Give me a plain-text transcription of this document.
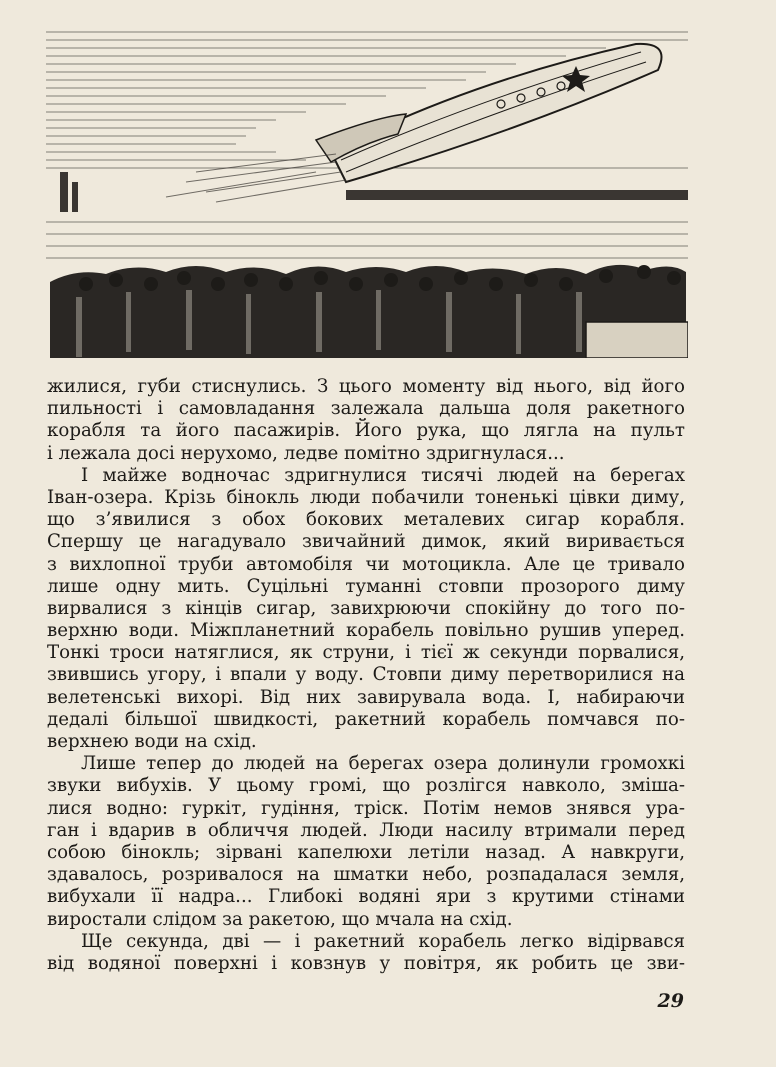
жилися, губи стиснулись. З цього моменту від нього, від його
пильності і самовладання залежала дальша доля ракетного
корабля та його пасажирів. Його рука, що лягла на пульт
і лежала досі нерухомо, ледве помітно здригнулася...
І майже водночас здригнулися тисячі людей на берегах
Іван-озера. Крізь бінокль люди побачили тоненькі цівки диму,
що з’явилися з обох бокових металевих сигар корабля.
Спершу це нагадувало звичайний димок, який виривається
з вихлопної труби автомобіля чи мотоцикла. Але це тривало
лише одну мить. Суцільні туманні стовпи прозорого диму
вирвалися з кінців сигар, завихрюючи спокійну до того по-
верхню води. Міжпланетний корабель повільно рушив уперед.
Тонкі троси натяглися, як струни, і тієї ж секунди порвалися,
звившись угору, і впали у воду. Стовпи диму перетворилися на
велетенські вихорі. Від них завирувала вода. І, набираючи
дедалі більшої швидкості, ракетний корабель помчався по-
верхнею води на схід.
Лише тепер до людей на берегах озера долинули громохкі
звуки вибухів. У цьому громі, що розлігся навколо, зміша-
лися водно: гуркіт, гудіння, тріск. Потім немов знявся ура-
ган і вдарив в обличчя людей. Люди насилу втримали перед
собою бінокль; зірвані капелюхи летіли назад. А навкруги,
здавалось, розривалося на шматки небо, розпадалася земля,
вибухали її надра... Глибокі водяні яри з крутими стінами
виростали слідом за ракетою, що мчала на схід.
Ще секунда, дві — і ракетний корабель легко відірвався
від водяної поверхні і ковзнув у повітря, як робить це зви-
29
